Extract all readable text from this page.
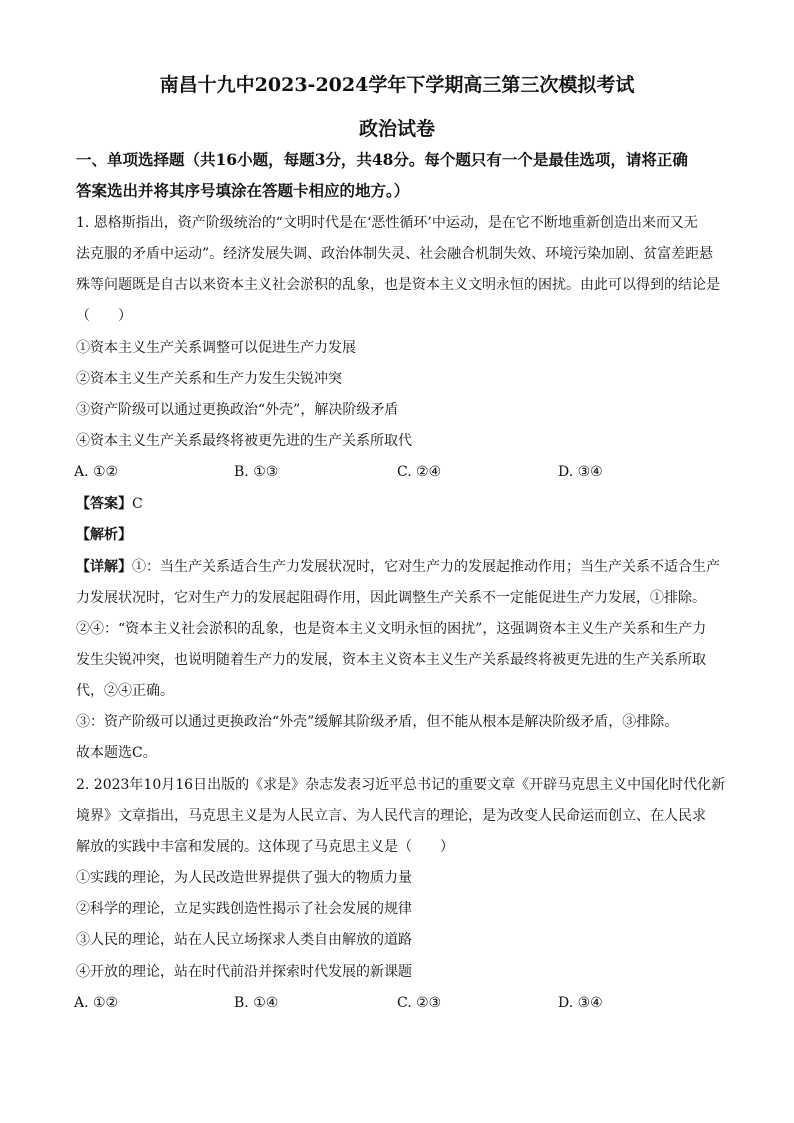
南昌十九中2023-2024学年下学期高三第三次模拟考试
政治试卷
一、单项选择题（共16小题，每题3分，共48分。每个题只有一个是最佳选项，请将正确
答案选出并将其序号填涂在答题卡相应的地方。）
1. 恩格斯指出，资产阶级统治的“文明时代是在‘恶性循环’中运动，是在它不断地重新创造出来而又无
法克服的矛盾中运动”。经济发展失调、政治体制失灵、社会融合机制失效、环境污染加剧、贫富差距悬
殊等问题既是自古以来资本主义社会淤积的乱象，也是资本主义文明永恒的困扰。由此可以得到的结论是
（　　）
①资本主义生产关系调整可以促进生产力发展
②资本主义生产关系和生产力发生尖锐冲突
③资产阶级可以通过更换政治“外壳”，解决阶级矛盾
④资本主义生产关系最终将被更先进的生产关系所取代
A. ①②	B. ①③	C. ②④	D. ③④
【答案】C
【解析】
【详解】①：当生产关系适合生产力发展状况时，它对生产力的发展起推动作用；当生产关系不适合生产
力发展状况时，它对生产力的发展起阻碍作用，因此调整生产关系不一定能促进生产力发展，①排除。
②④：“资本主义社会淤积的乱象，也是资本主义文明永恒的困扰”，这强调资本主义生产关系和生产力
发生尖锐冲突，也说明随着生产力的发展，资本主义资本主义生产关系最终将被更先进的生产关系所取
代，②④正确。
③：资产阶级可以通过更换政治“外壳”缓解其阶级矛盾，但不能从根本是解决阶级矛盾，③排除。
故本题选C。
2. 2023年10月16日出版的《求是》杂志发表习近平总书记的重要文章《开辟马克思主义中国化时代化新
境界》文章指出，马克思主义是为人民立言、为人民代言的理论，是为改变人民命运而创立、在人民求
解放的实践中丰富和发展的。这体现了马克思主义是（　　）
①实践的理论，为人民改造世界提供了强大的物质力量
②科学的理论，立足实践创造性揭示了社会发展的规律
③人民的理论，站在人民立场探求人类自由解放的道路
④开放的理论，站在时代前沿并探索时代发展的新课题
A. ①②	B. ①④	C. ②③	D. ③④
